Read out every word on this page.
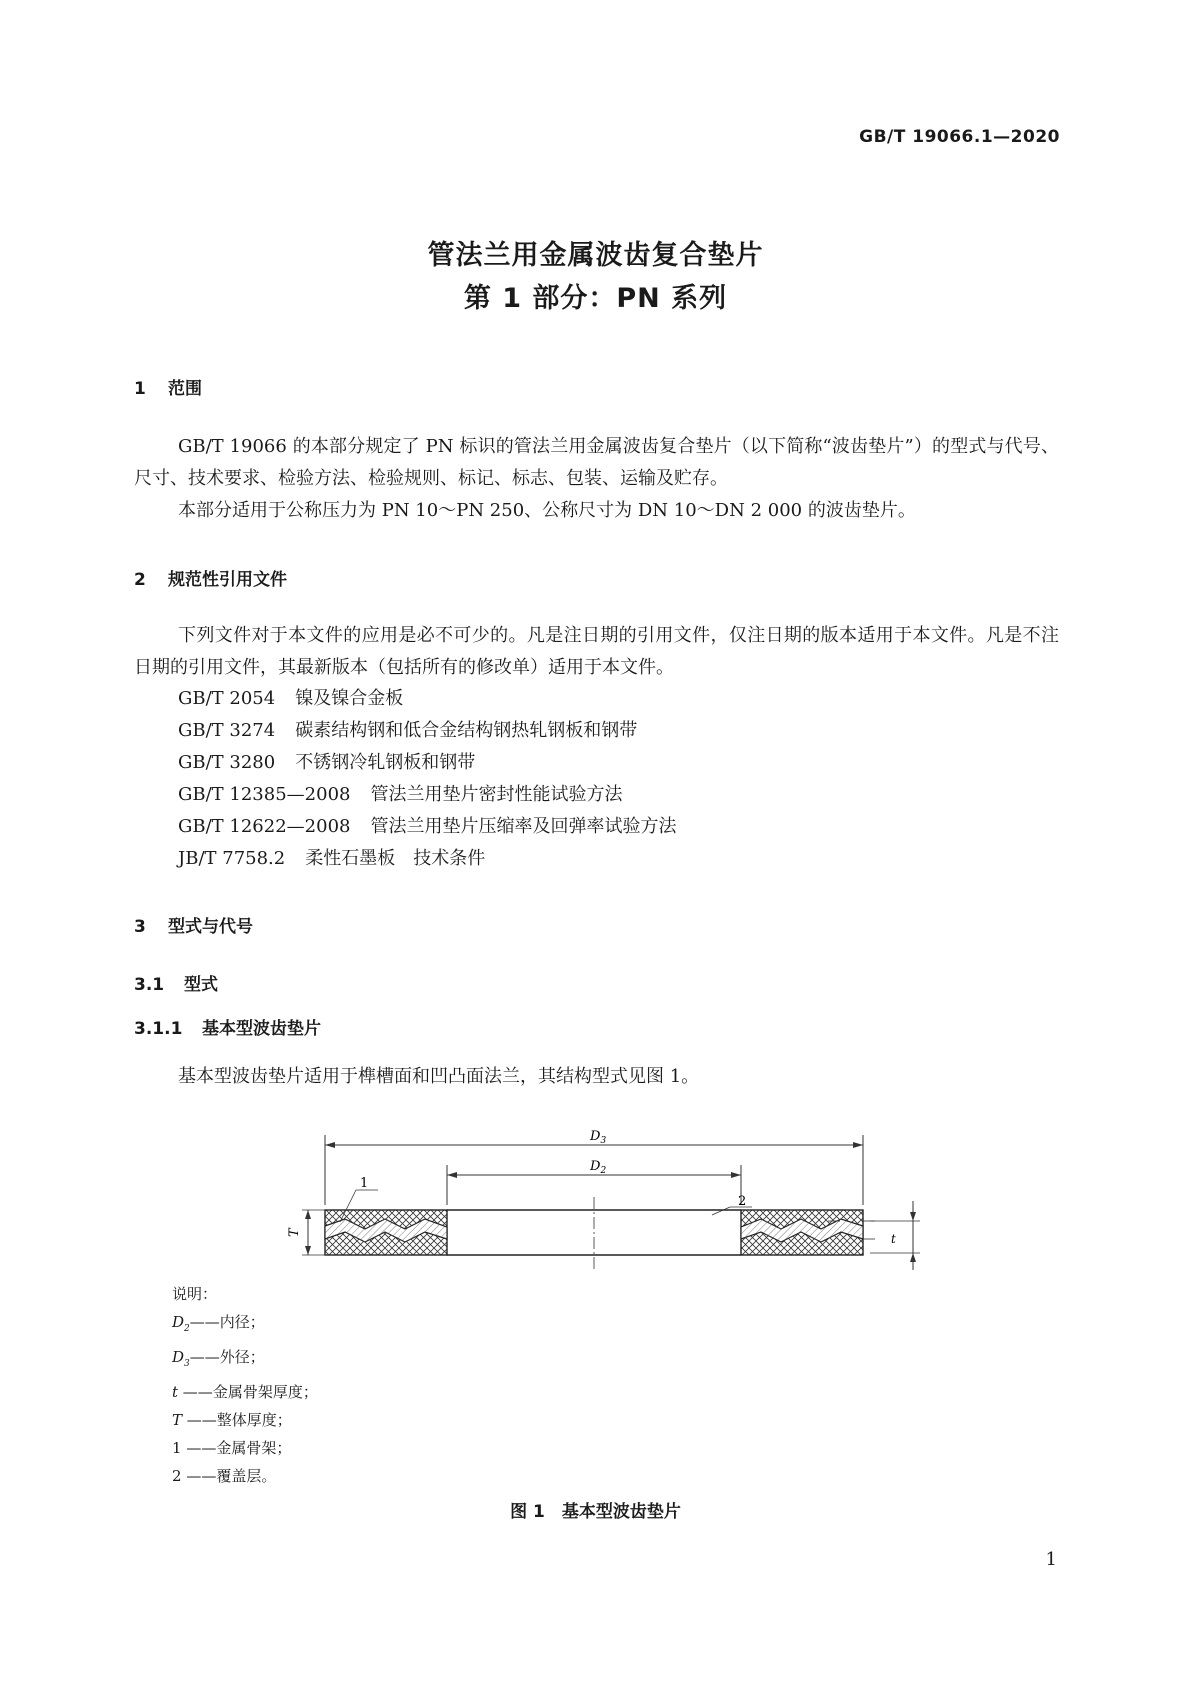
GB/T 19066.1—2020
管法兰用金属波齿复合垫片
第 1 部分：PN 系列
1 范围
GB/T 19066 的本部分规定了 PN 标识的管法兰用金属波齿复合垫片（以下简称“波齿垫片”）的型式与代号、尺寸、技术要求、检验方法、检验规则、标记、标志、包装、运输及贮存。
本部分适用于公称压力为 PN 10～PN 250、公称尺寸为 DN 10～DN 2 000 的波齿垫片。
2 规范性引用文件
下列文件对于本文件的应用是必不可少的。凡是注日期的引用文件，仅注日期的版本适用于本文件。凡是不注日期的引用文件，其最新版本（包括所有的修改单）适用于本文件。
GB/T 2054 镍及镍合金板
GB/T 3274 碳素结构钢和低合金结构钢热轧钢板和钢带
GB/T 3280 不锈钢冷轧钢板和钢带
GB/T 12385—2008 管法兰用垫片密封性能试验方法
GB/T 12622—2008 管法兰用垫片压缩率及回弹率试验方法
JB/T 7758.2 柔性石墨板　技术条件
3 型式与代号
3.1 型式
3.1.1 基本型波齿垫片
基本型波齿垫片适用于榫槽面和凹凸面法兰，其结构型式见图 1。
$D_3$
$D_2$
1
2
T	t
说明：
$D_2——$内径；
$D_3——$外径；
t ——金属骨架厚度；
T ——整体厚度；
1 ——金属骨架；
2 ——覆盖层。
图 1　基本型波齿垫片
1
